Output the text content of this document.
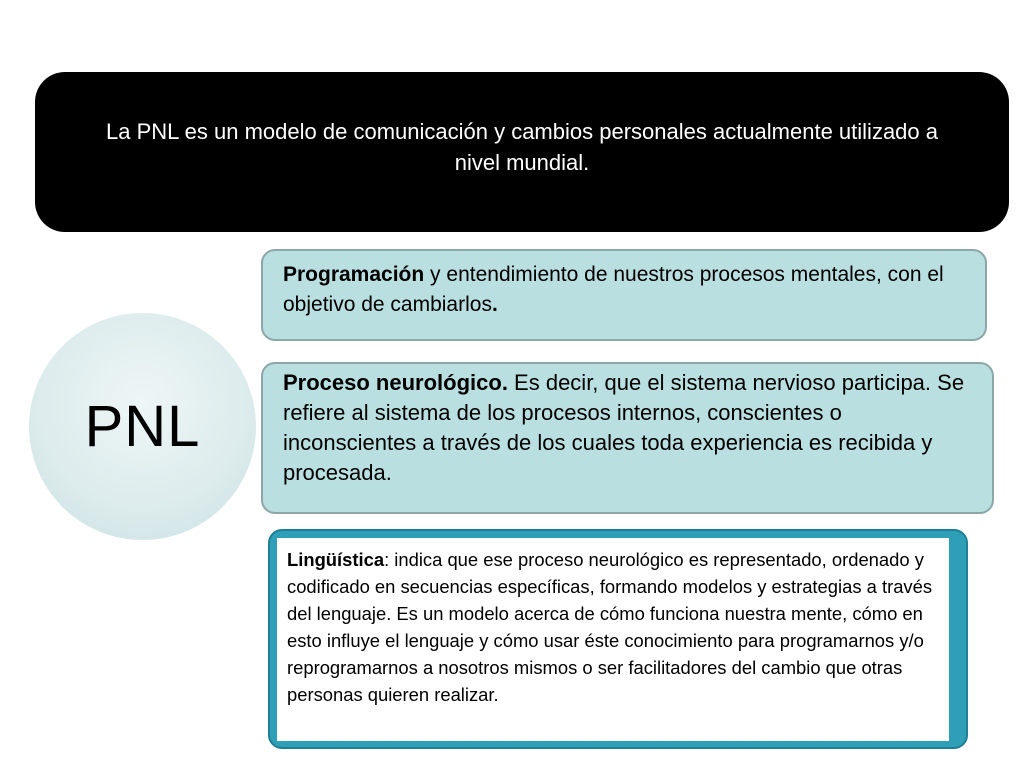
La PNL es un modelo de comunicación y cambios personales actualmente utilizado a nivel mundial.
PNL
Programación y entendimiento de nuestros procesos mentales, con el objetivo de cambiarlos.
Proceso neurológico. Es decir, que el sistema nervioso participa. Se refiere al sistema de los procesos internos, conscientes o inconscientes a través de los cuales toda experiencia es recibida y procesada.
Lingüística: indica que ese proceso neurológico es representado, ordenado y codificado en secuencias específicas, formando modelos y estrategias a través del lenguaje. Es un modelo acerca de cómo funciona nuestra mente, cómo en esto influye el lenguaje y cómo usar éste conocimiento para programarnos y/o reprogramarnos a nosotros mismos o ser facilitadores del cambio que otras personas quieren realizar.
